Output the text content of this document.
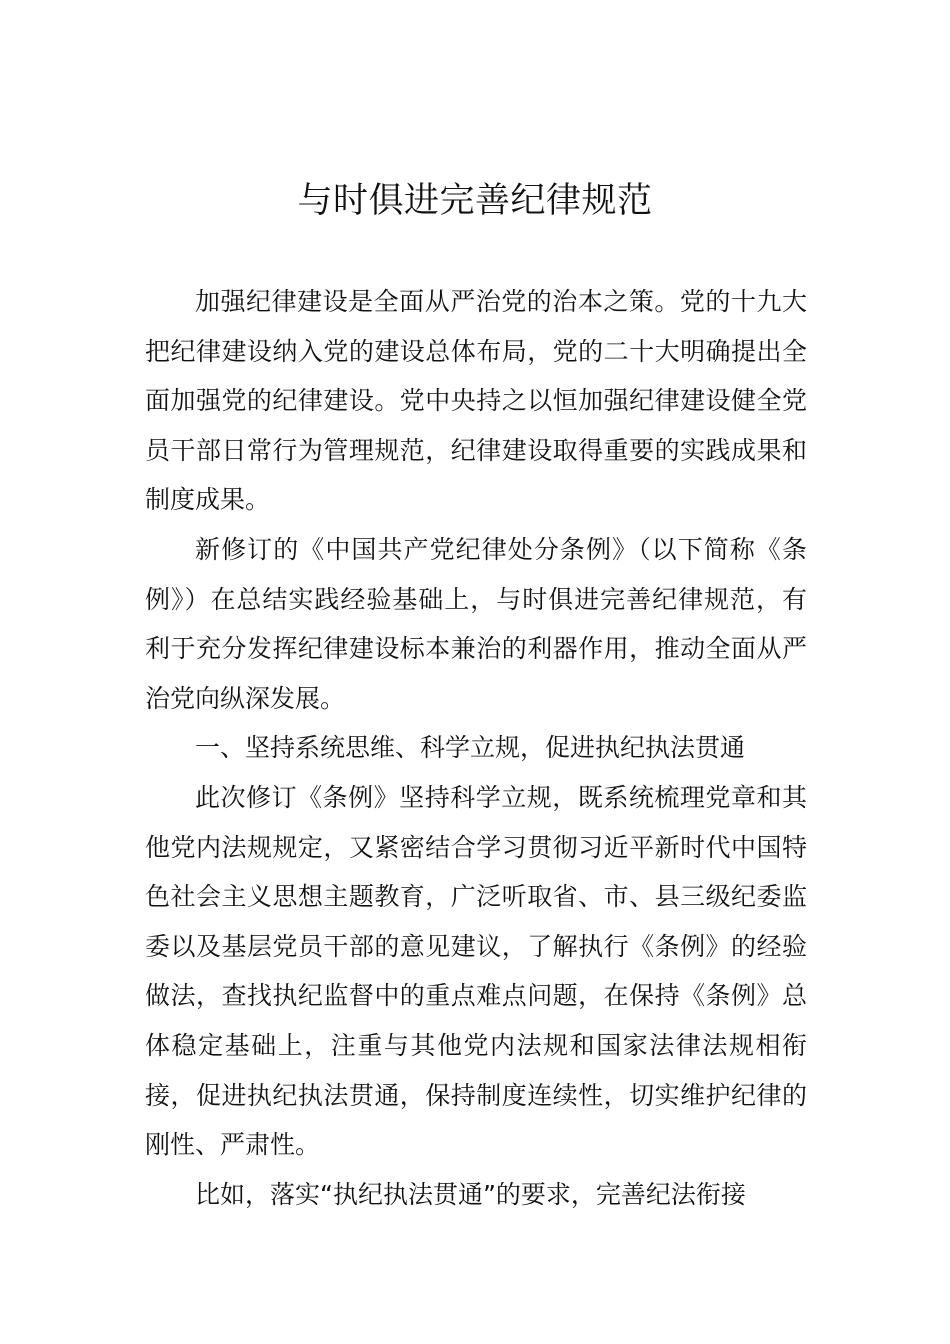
与时俱进完善纪律规范

加强纪律建设是全面从严治党的治本之策。党的十九大把纪律建设纳入党的建设总体布局，党的二十大明确提出全面加强党的纪律建设。党中央持之以恒加强纪律建设健全党员干部日常行为管理规范，纪律建设取得重要的实践成果和制度成果。

新修订的《中国共产党纪律处分条例》（以下简称《条例》）在总结实践经验基础上，与时俱进完善纪律规范，有利于充分发挥纪律建设标本兼治的利器作用，推动全面从严治党向纵深发展。

一、坚持系统思维、科学立规，促进执纪执法贯通

此次修订《条例》坚持科学立规，既系统梳理党章和其他党内法规规定，又紧密结合学习贯彻习近平新时代中国特色社会主义思想主题教育，广泛听取省、市、县三级纪委监委以及基层党员干部的意见建议，了解执行《条例》的经验做法，查找执纪监督中的重点难点问题，在保持《条例》总体稳定基础上，注重与其他党内法规和国家法律法规相衔接，促进执纪执法贯通，保持制度连续性，切实维护纪律的刚性、严肃性。

比如，落实“执纪执法贯通”的要求，完善纪法衔接
